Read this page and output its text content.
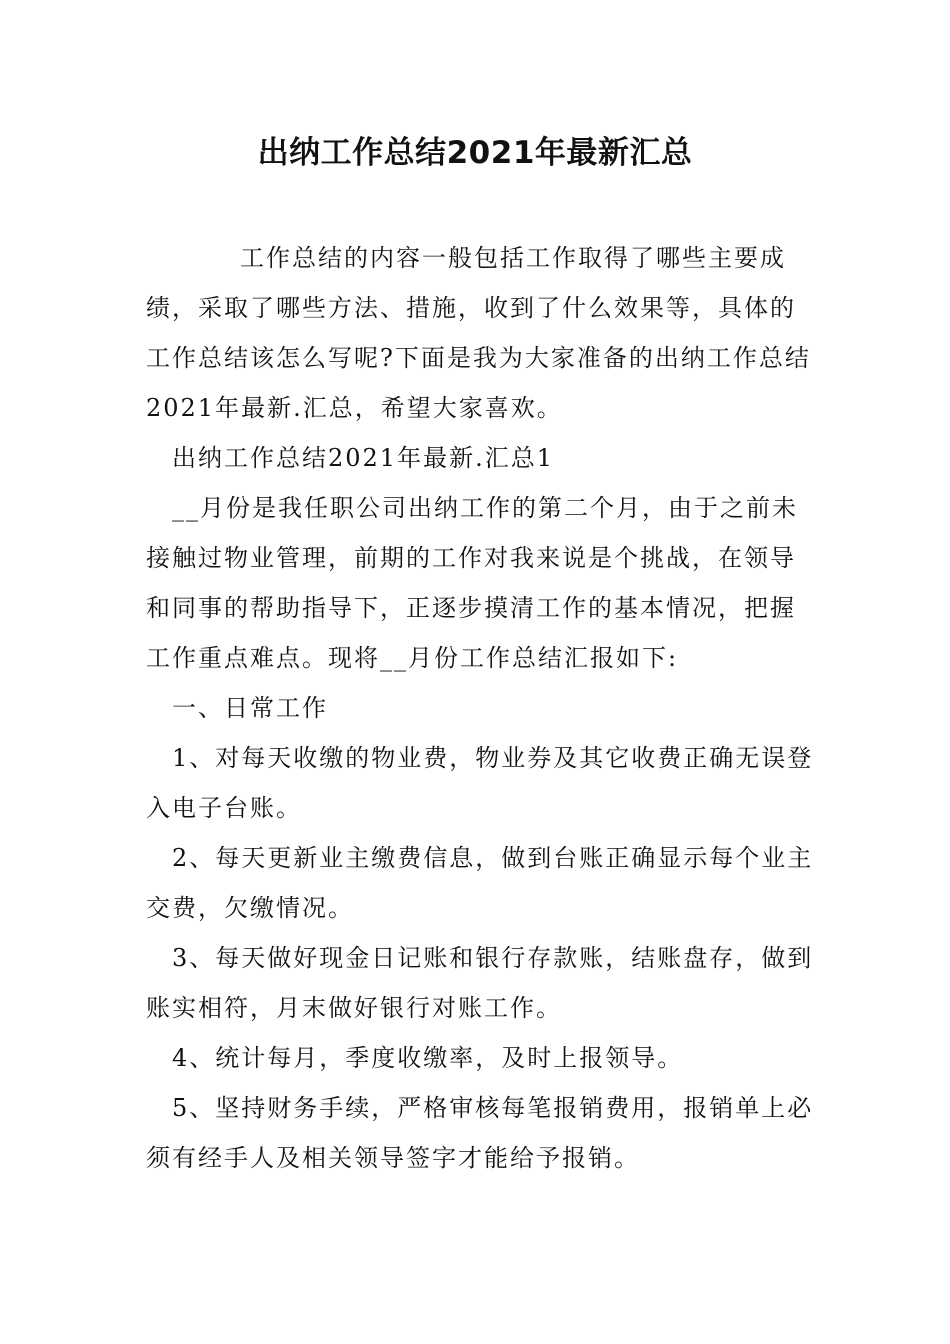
出纳工作总结2021年最新汇总

工作总结的内容一般包括工作取得了哪些主要成绩，采取了哪些方法、措施，收到了什么效果等，具体的工作总结该怎么写呢?下面是我为大家准备的出纳工作总结2021年最新.汇总，希望大家喜欢。

出纳工作总结2021年最新.汇总1

__月份是我任职公司出纳工作的第二个月，由于之前未接触过物业管理，前期的工作对我来说是个挑战，在领导和同事的帮助指导下，正逐步摸清工作的基本情况，把握工作重点难点。现将__月份工作总结汇报如下:

一、日常工作

1、对每天收缴的物业费，物业券及其它收费正确无误登入电子台账。

2、每天更新业主缴费信息，做到台账正确显示每个业主交费，欠缴情况。

3、每天做好现金日记账和银行存款账，结账盘存，做到账实相符，月末做好银行对账工作。

4、统计每月，季度收缴率，及时上报领导。

5、坚持财务手续，严格审核每笔报销费用，报销单上必须有经手人及相关领导签字才能给予报销。
